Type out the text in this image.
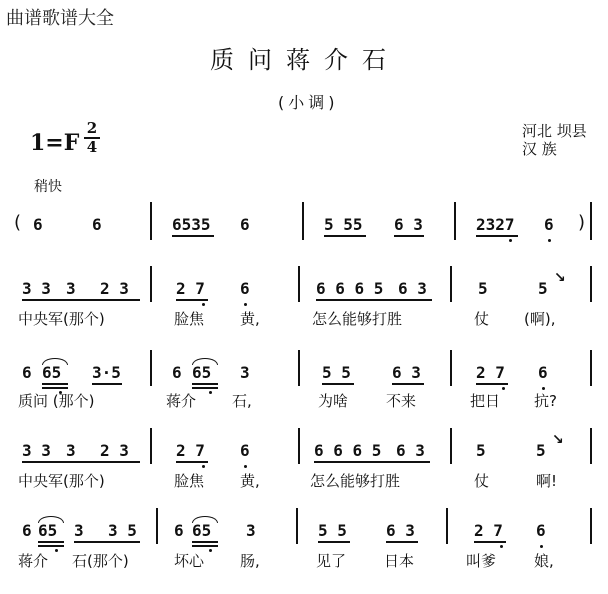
曲谱歌谱大全
质问蒋介石
(小调)
1=F
2
4
河北 坝县
汉 族
稍快
( 6	6	6535 6	5 55 6 3	2327 6 )
3 3 3 2 3	2 7 6	6 6 6 5 6 3	5	5
↘
中央军(那个)	脸焦 黄,	怎么能够打胜	仗 (啊),
6 65 3·5	6 65 3	5 5	6 3	2 7 6
质问 (那个)	蒋介 石,	为啥	不来	把日 抗?
3 3 3 2 3	2 7 6	6 6 6 5 6 3	5	5
↘
中央军(那个)	脸焦 黄,	怎么能够打胜	仗	啊!
6 65 3 3 5 6 65 3	5 5 6 3	2 7 6
蒋介 石(那个)	坏心 肠,	见了	日本	叫爹	娘,
